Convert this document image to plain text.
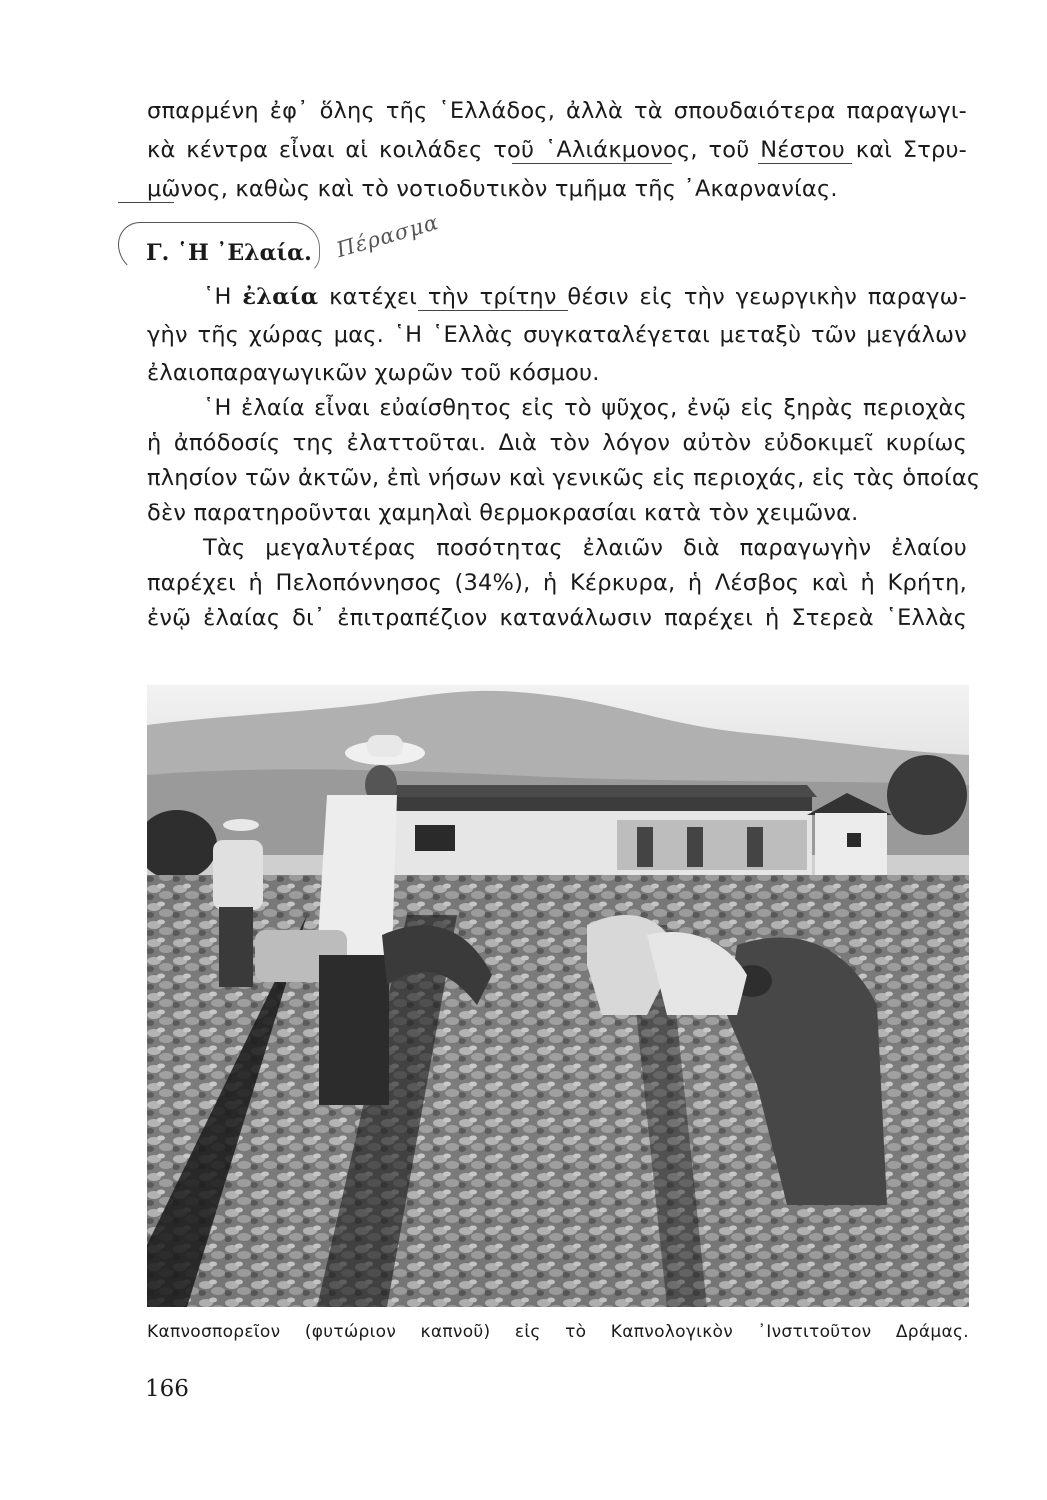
σπαρμένη ἐφ᾽ ὅλης τῆς ῾Ελλάδος, ἀλλὰ τὰ σπουδαιότερα παραγωγι-
κὰ κέντρα εἶναι αἱ κοιλάδες τοῦ ῾Αλιάκμονος, τοῦ Νέστου καὶ Στρυ-
μῶνος, καθὼς καὶ τὸ νοτιοδυτικὸν τμῆμα τῆς ᾽Ακαρνανίας.
Γ. ῾Η ᾽Ελαία. Πέρασμα
῾Η ἐλαία κατέχει τὴν τρίτην θέσιν εἰς τὴν γεωργικὴν παραγω-
γὴν τῆς χώρας μας. ῾Η ῾Ελλὰς συγκαταλέγεται μεταξὺ τῶν μεγάλων
ἐλαιοπαραγωγικῶν χωρῶν τοῦ κόσμου.
῾Η ἐλαία εἶναι εὐαίσθητος εἰς τὸ ψῦχος, ἐνῷ εἰς ξηρὰς περιοχὰς
ἡ ἀπόδοσίς της ἐλαττοῦται. Διὰ τὸν λόγον αὐτὸν εὐδοκιμεῖ κυρίως
πλησίον τῶν ἀκτῶν, ἐπὶ νήσων καὶ γενικῶς εἰς περιοχάς, εἰς τὰς ὁποίας
δὲν παρατηροῦνται χαμηλαὶ θερμοκρασίαι κατὰ τὸν χειμῶνα.
Τὰς μεγαλυτέρας ποσότητας ἐλαιῶν διὰ παραγωγὴν ἐλαίου
παρέχει ἡ Πελοπόννησος (34%), ἡ Κέρκυρα, ἡ Λέσβος καὶ ἡ Κρήτη,
ἐνῷ ἐλαίας δι᾽ ἐπιτραπέζιον κατανάλωσιν παρέχει ἡ Στερεὰ ῾Ελλὰς
Καπνοσπορεῖον (φυτώριον καπνοῦ) εἰς τὸ Καπνολογικὸν ᾽Ινστιτοῦτον Δράμας.
166
